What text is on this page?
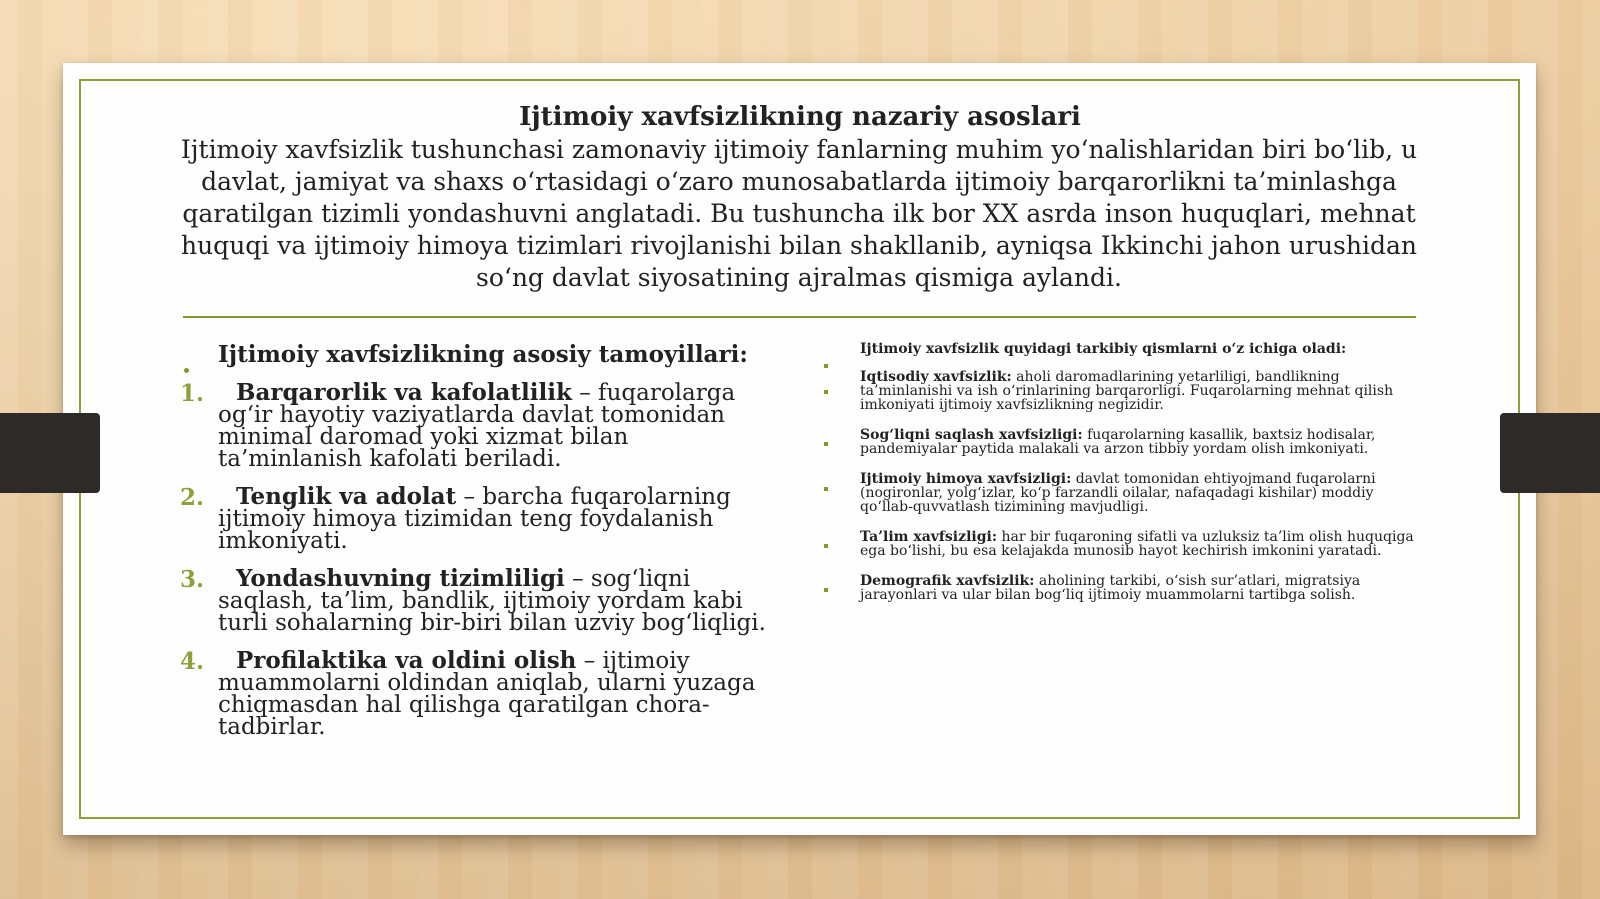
Ijtimoiy xavfsizlikning nazariy asoslari
Ijtimoiy xavfsizlik tushunchasi zamonaviy ijtimoiy fanlarning muhim yo‘nalishlaridan biri bo‘lib, u davlat, jamiyat va shaxs o‘rtasidagi o‘zaro munosabatlarda ijtimoiy barqarorlikni ta’minlashga qaratilgan tizimli yondashuvni anglatadi. Bu tushuncha ilk bor XX asrda inson huquqlari, mehnat huquqi va ijtimoiy himoya tizimlari rivojlanishi bilan shakllanib, ayniqsa Ikkinchi jahon urushidan so‘ng davlat siyosatining ajralmas qismiga aylandi.
Ijtimoiy xavfsizlikning asosiy tamoyillari:
1. Barqarorlik va kafolatlilik – fuqarolarga og‘ir hayotiy vaziyatlarda davlat tomonidan minimal daromad yoki xizmat bilan ta’minlanish kafolati beriladi.
2. Tenglik va adolat – barcha fuqarolarning ijtimoiy himoya tizimidan teng foydalanish imkoniyati.
3. Yondashuvning tizimliligi – sog‘liqni saqlash, ta’lim, bandlik, ijtimoiy yordam kabi turli sohalarning bir-biri bilan uzviy bog‘liqligi.
4. Profilaktika va oldini olish – ijtimoiy muammolarni oldindan aniqlab, ularni yuzaga chiqmasdan hal qilishga qaratilgan chora-tadbirlar.
Ijtimoiy xavfsizlik quyidagi tarkibiy qismlarni o‘z ichiga oladi:
Iqtisodiy xavfsizlik: aholi daromadlarining yetarliligi, bandlikning ta’minlanishi va ish o‘rinlarining barqarorligi. Fuqarolarning mehnat qilish imkoniyati ijtimoiy xavfsizlikning negizidir.
Sog‘liqni saqlash xavfsizligi: fuqarolarning kasallik, baxtsiz hodisalar, pandemiyalar paytida malakali va arzon tibbiy yordam olish imkoniyati.
Ijtimoiy himoya xavfsizligi: davlat tomonidan ehtiyojmand fuqarolarni (nogironlar, yolg‘izlar, ko‘p farzandli oilalar, nafaqadagi kishilar) moddiy qo‘llab-quvvatlash tizimining mavjudligi.
Ta’lim xavfsizligi: har bir fuqaroning sifatli va uzluksiz ta’lim olish huquqiga ega bo‘lishi, bu esa kelajakda munosib hayot kechirish imkonini yaratadi.
Demografik xavfsizlik: aholining tarkibi, o‘sish sur’atlari, migratsiya jarayonlari va ular bilan bog‘liq ijtimoiy muammolarni tartibga solish.
